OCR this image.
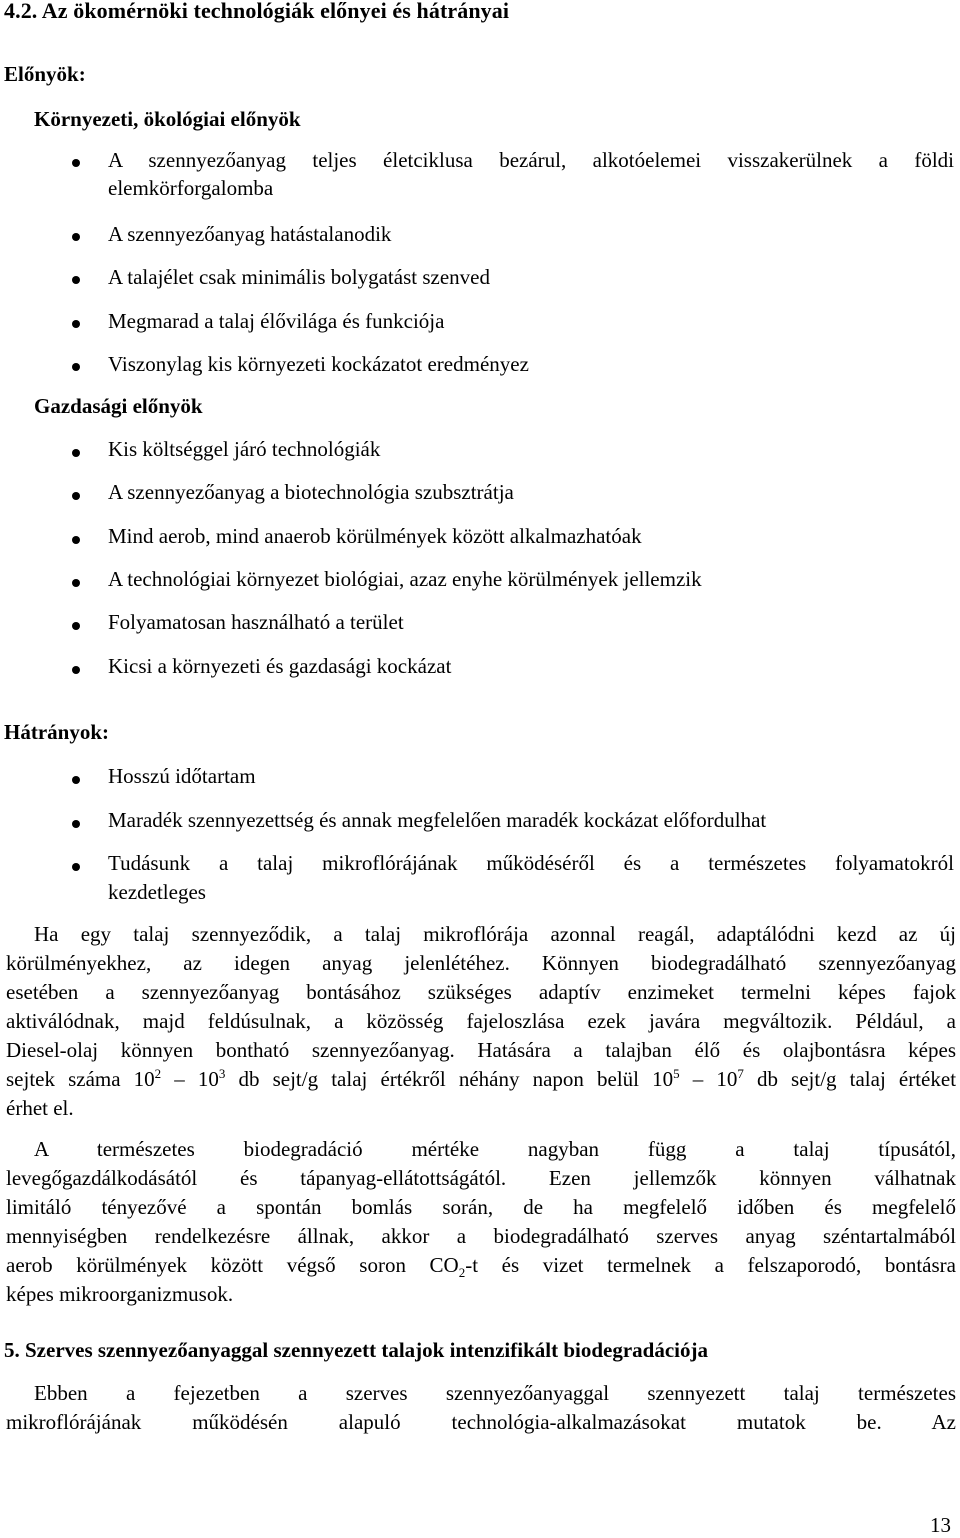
4.2. Az ökomérnöki technológiák előnyei és hátrányai
Előnyök:
Környezeti, ökológiai előnyök
A szennyezőanyag teljes életciklusa bezárul, alkotóelemei visszakerülnek a földi
elemkörforgalomba
A szennyezőanyag hatástalanodik
A talajélet csak minimális bolygatást szenved
Megmarad a talaj élővilága és funkciója
Viszonylag kis környezeti kockázatot eredményez
Gazdasági előnyök
Kis költséggel járó technológiák
A szennyezőanyag a biotechnológia szubsztrátja
Mind aerob, mind anaerob körülmények között alkalmazhatóak
A technológiai környezet biológiai, azaz enyhe körülmények jellemzik
Folyamatosan használható a terület
Kicsi a környezeti és gazdasági kockázat
Hátrányok:
Hosszú időtartam
Maradék szennyezettség és annak megfelelően maradék kockázat előfordulhat
Tudásunk a talaj mikroflórájának működéséről és a természetes folyamatokról
kezdetleges
Ha egy talaj szennyeződik, a talaj mikroflórája azonnal reagál, adaptálódni kezd az új
körülményekhez, az idegen anyag jelenlétéhez. Könnyen biodegradálható szennyezőanyag
esetében a szennyezőanyag bontásához szükséges adaptív enzimeket termelni képes fajok
aktiválódnak, majd feldúsulnak, a közösség fajeloszlása ezek javára megváltozik. Például, a
Diesel-olaj könnyen bontható szennyezőanyag. Hatására a talajban élő és olajbontásra képes
sejtek száma $10^2 - 10^3$ db sejt/g talaj értékről néhány napon belül $10^5 - 10^7$ db sejt/g talaj értéket
érhet el.
A természetes biodegradáció mértéke nagyban függ a talaj típusától,
levegőgazdálkodásától és tápanyag-ellátottságától. Ezen jellemzők könnyen válhatnak
limitáló tényezővé a spontán bomlás során, de ha megfelelő időben és megfelelő
mennyiségben rendelkezésre állnak, akkor a biodegradálható szerves anyag széntartalmából
aerob körülmények között végső soron $CO_2-t$ és vizet termelnek a felszaporodó, bontásra
képes mikroorganizmusok.
5. Szerves szennyezőanyaggal szennyezett talajok intenzifikált biodegradációja
Ebben a fejezetben a szerves szennyezőanyaggal szennyezett talaj természetes
mikroflórájának működésén alapuló technológia-alkalmazásokat mutatok be. Az
13
